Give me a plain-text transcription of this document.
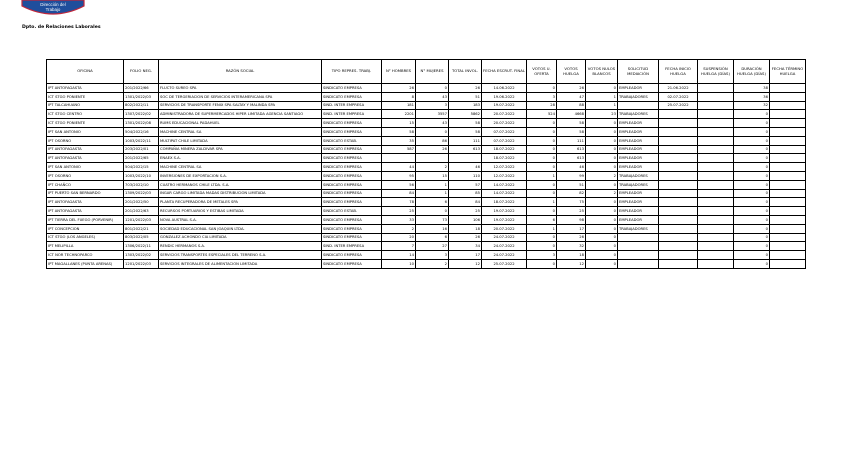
Dirección del
Trabajo
Dpto. de Relaciones Laborales
OFICINA	FOLIO NEG.	RAZÓN SOCIAL	TIPO REPRES. TRABJ.	N° HOMBRES	N° MUJERES	TOTAL INVOL.	FECHA ESCRUT. FINAL	VOTOS U. OFERTA	VOTOS HUELGA	VOTOS NULOS BLANCOS	SOLICITUD MEDIACIÓN	FECHA INICIO HUELGA	SUSPENSIÓN HUELGA (DÍAS)	DURACIÓN HUELGA (DÍAS)	FECHA TÉRMINO HUELGA
IPT ANTOFAGASTA	201/2022/66	FLUCTO SUREO SPA	SINDICATO EMPRESA	26	0	26	14.06.2022	0	26	0	EMPLEADOR	21.06.2022		38	
ICT STGO PONIENTE	1301/2022/03	SOC DE TERGERIACION DE SERVICIOS INTERAMERICANA SPA	SINDICATO EMPRESA	8	43	51	19.06.2022	3	47	1	TRABAJADORES	02.07.2022		36	
IPT TALCAHUANO	802/2022/11	SERVICIOS DE TRANSPORTE FENIX SPA SALTAY Y MALINDA SPA	SIND. INTER EMPRESA	181	3	183	19.07.2022	28	88	1		25.07.2022		32	
ICT STGO CENTRO	1307/2022/02	ADMINISTRADORA DE SUPERMERCADOS HIPER LIMITADA AGENCIA SANTIAGO	SIND. INTER EMPRESA	2201	3557	5862	20.07.2022	524	4668	23	TRABAJADORES			0	
ICT STGO PONIENTE	1301/2022/08	RUMS EDUCACIONAL PADAHUEL	SINDICATO EMPRESA	15	43	58	20.07.2022	0	58	0	EMPLEADOR			0	
IPT SAN ANTONIO	504/2022/16	MACHINE CENTRAL SA	SINDICATO EMPRESA	58	0	58	07.07.2022	0	58	0	EMPLEADOR			0	
IPT OSORNO	1003/2022/11	MULTIPAT CHILE LIMITADA	SINDICATO ESTAB.	35	86	111	07.07.2022	0	111	0	EMPLEADOR			0	
IPT ANTOFAGASTA	203/2022/01	COMPAÑIA MINERA ZALDIVAR SPA	SINDICATO EMPRESA	587	26	613	18.07.2022	0	613	0	EMPLEADOR			0	
IPT ANTOFAGASTA	201/2022/65	ENAEX S.A.	SINDICATO EMPRESA				18.07.2022	0	613	0	EMPLEADOR			0	
IPT SAN ANTONIO	504/2022/15	MACHINE CENTRAL SA	SINDICATO EMPRESA	44	2	46	12.07.2022	0	46	0	EMPLEADOR			0	
IPT OSORNO	1003/2022/10	INVERSIONES DE EXPORTACION S.A.	SINDICATO EMPRESA	95	15	110	12.07.2022	1	99	2	TRABAJADORES			0	
IPT CHAÑCO	703/2022/10	CUATRO HERMANOS CHILE LTDA. S.A.	SINDICATO EMPRESA	56	1	57	14.07.2022	0	51	0	TRABAJADORES			0	
IPT PUERTO SAN BERNARDO	1309/2022/03	INGAR CARGO LIMITADA MADAS DISTRIBUCION LIMITADA	SINDICATO EMPRESA	84	1	85	14.07.2022	0	82	2	EMPLEADOR			0	
IPT ANTOFAGASTA	201/2022/50	PLANTA RECUPERADORA DE METALES SPA	SINDICATO EMPRESA	78	6	84	18.07.2022	1	75	0	EMPLEADOR			0	
IPT ANTOFAGASTA	201/2022/63	RECURSOS PORTUARIOS Y ESTIBAS LIMITADA	SINDICATO ESTAB.	25	0	25	19.07.2022	0	25	0	EMPLEADOR			0	
IPT TIERRA DEL FUEGO (PORVENIR)	1201/2022/03	NOVA AUSTRAL S.A.	SINDICATO EMPRESA	33	73	106	19.07.2022	6	98	0	EMPLEADOR			0	
IPT CONCEPCION	801/2022/21	SOCIEDAD EDUCACIONAL SAN JOAQUIN LTDA.	SINDICATO EMPRESA	2	16	18	20.07.2022	1	17	0	TRABAJADORES			0	
ICT STGO (LOS ANGELES)	803/2022/05	GONZALEZ ACHONDO CIA LIMITADA	SINDICATO EMPRESA	20	6	26	24.07.2022	0	26	0				0	
IPT MELIPILLA	1306/2022/11	RENDIC HERMANOS S.A.	SIND. INTER EMPRESA	7	27	34	24.07.2022	0	32	0				0	
ICT NOR TECHNOPARCO	1303/2022/02	SERVICIOS TRANSPORTES ESPECIALES DEL TERRENO S.A.	SINDICATO EMPRESA	14	3	17	24.07.2022	3	18	0				0	
IPT MAGALLANES (PUNTA ARENAS)	1201/2022/03	SERVICIOS INTEGRALES DE ALIMENTACION LIMITADA	SINDICATO EMPRESA	10	2	12	25.07.2022	0	12	0				0	
